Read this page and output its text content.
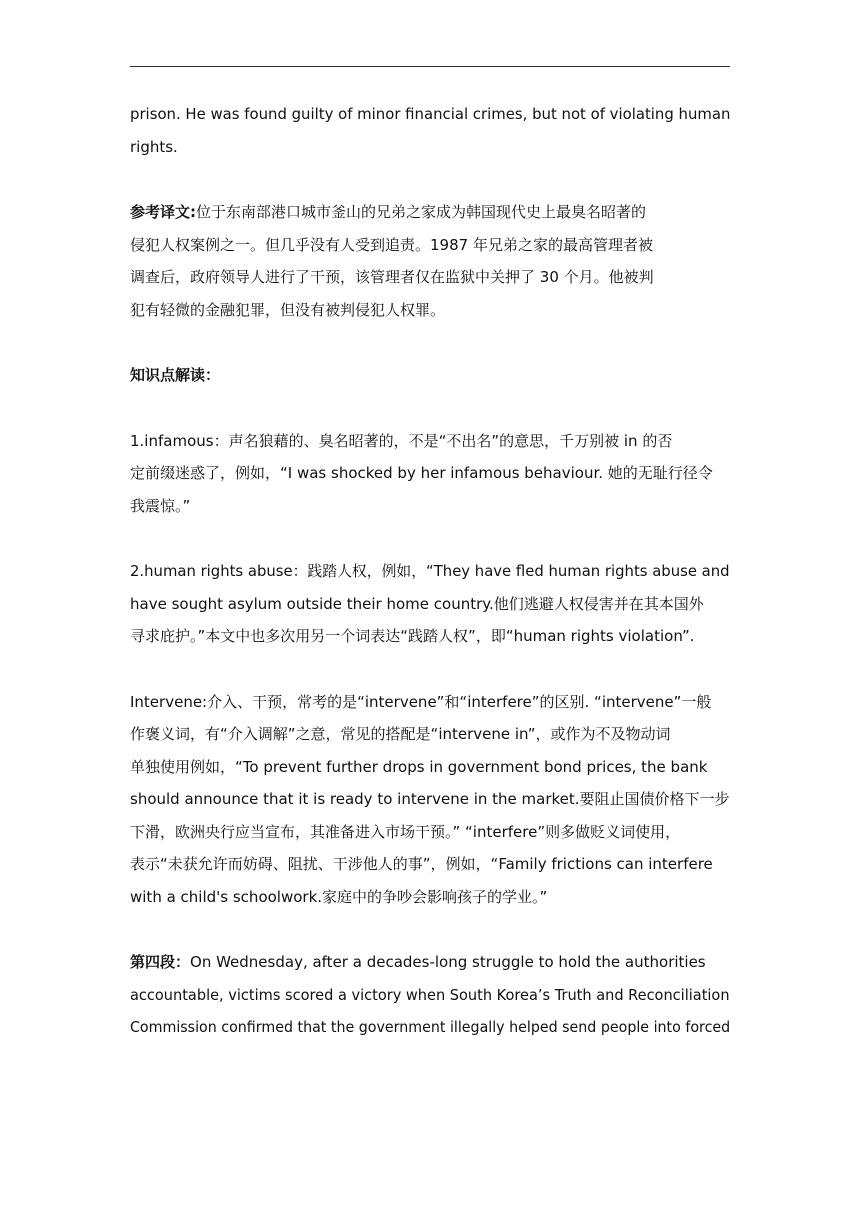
prison. He was found guilty of minor financial crimes, but not of violating human
rights.

参考译文:位于东南部港口城市釜山的兄弟之家成为韩国现代史上最臭名昭著的
侵犯人权案例之一。但几乎没有人受到追责。1987 年兄弟之家的最高管理者被
调查后，政府领导人进行了干预，该管理者仅在监狱中关押了 30 个月。他被判
犯有轻微的金融犯罪，但没有被判侵犯人权罪。

知识点解读：

1.infamous：声名狼藉的、臭名昭著的，不是“不出名”的意思，千万别被 in 的否
定前缀迷惑了，例如，“I was shocked by her infamous behaviour. 她的无耻行径令
我震惊。”

2.human rights abuse：践踏人权，例如，“They have fled human rights abuse and
have sought asylum outside their home country.他们逃避人权侵害并在其本国外
寻求庇护。”本文中也多次用另一个词表达“践踏人权”，即“human rights violation”.

Intervene:介入、干预，常考的是“intervene”和“interfere”的区别. “intervene”一般
作褒义词，有“介入调解”之意，常见的搭配是“intervene in”，或作为不及物动词
单独使用例如，“To prevent further drops in government bond prices, the bank
should announce that it is ready to intervene in the market.要阻止国债价格下一步
下滑，欧洲央行应当宣布，其准备进入市场干预。” “interfere”则多做贬义词使用，
表示“未获允许而妨碍、阻扰、干涉他人的事”，例如，“Family frictions can interfere
with a child's schoolwork.家庭中的争吵会影响孩子的学业。”

第四段：On Wednesday, after a decades-long struggle to hold the authorities
accountable, victims scored a victory when South Korea’s Truth and Reconciliation
Commission confirmed that the government illegally helped send people into forced
